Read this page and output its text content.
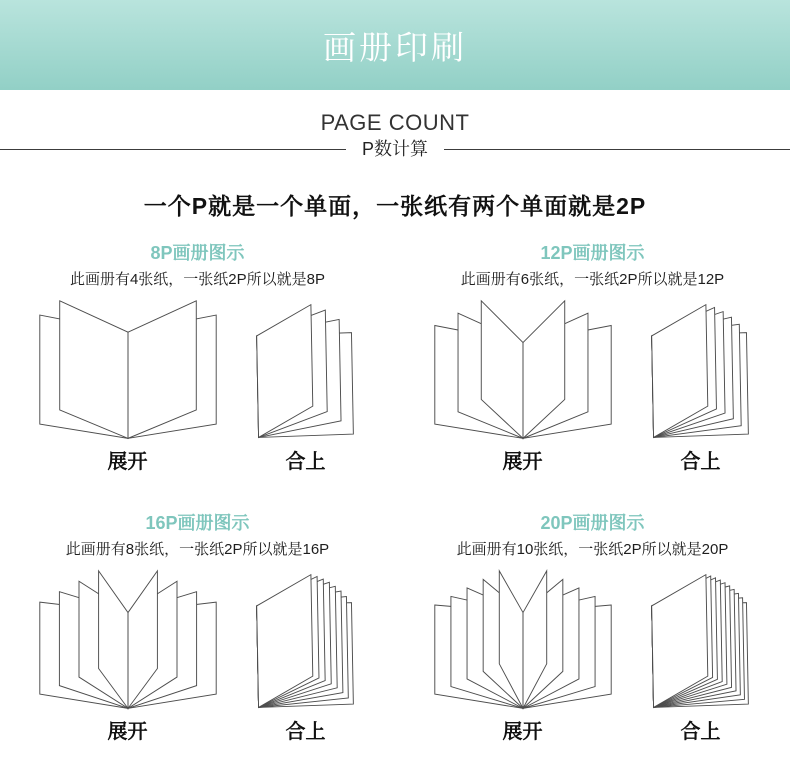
画册印刷
PAGE COUNT
P数计算
一个P就是一个单面，一张纸有两个单面就是2P
8P画册图示

此画册有4张纸，一张纸2P所以就是8P

展开	合上
12P画册图示

此画册有6张纸，一张纸2P所以就是12P

展开	合上
16P画册图示

此画册有8张纸，一张纸2P所以就是16P

展开	合上
20P画册图示

此画册有10张纸，一张纸2P所以就是20P

展开	合上
